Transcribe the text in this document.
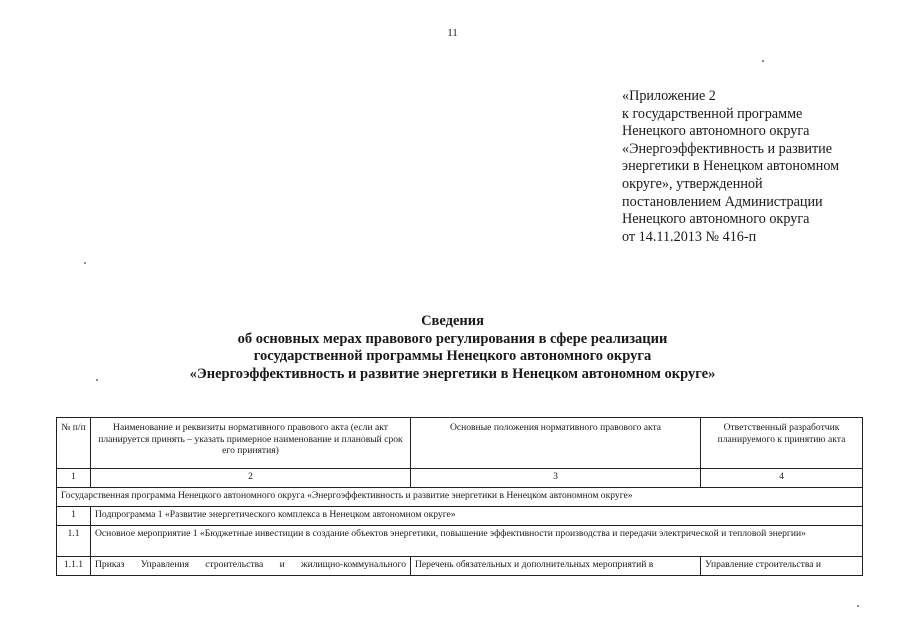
11
«Приложение 2
к государственной программе
Ненецкого автономного округа
«Энергоэффективность и развитие
энергетики в Ненецком автономном
округе», утвержденной
постановлением Администрации
Ненецкого автономного округа
от 14.11.2013 № 416-п
Сведения
об основных мерах правового регулирования в сфере реализации
государственной программы Ненецкого автономного округа
«Энергоэффективность и развитие энергетики в Ненецком автономном округе»
№ п/п	Наименование и реквизиты нормативного правового акта (если акт планируется принять – указать примерное наименование и плановый срок его принятия)	Основные положения нормативного правового акта	Ответственный разработчик планируемого к принятию акта
1	2	3	4
Государственная программа Ненецкого автономного округа «Энергоэффективность и развитие энергетики в Ненецком автономном округе»			
1	Подпрограмма 1 «Развитие энергетического комплекса в Ненецком автономном округе»		
1.1	Основное мероприятие 1 «Бюджетные инвестиции в создание объектов энергетики, повышение эффективности производства и передачи электрической и тепловой энергии»		
1.1.1	Приказ Управления строительства и жилищно-коммунального	Перечень обязательных и дополнительных мероприятий в	Управление строительства и
